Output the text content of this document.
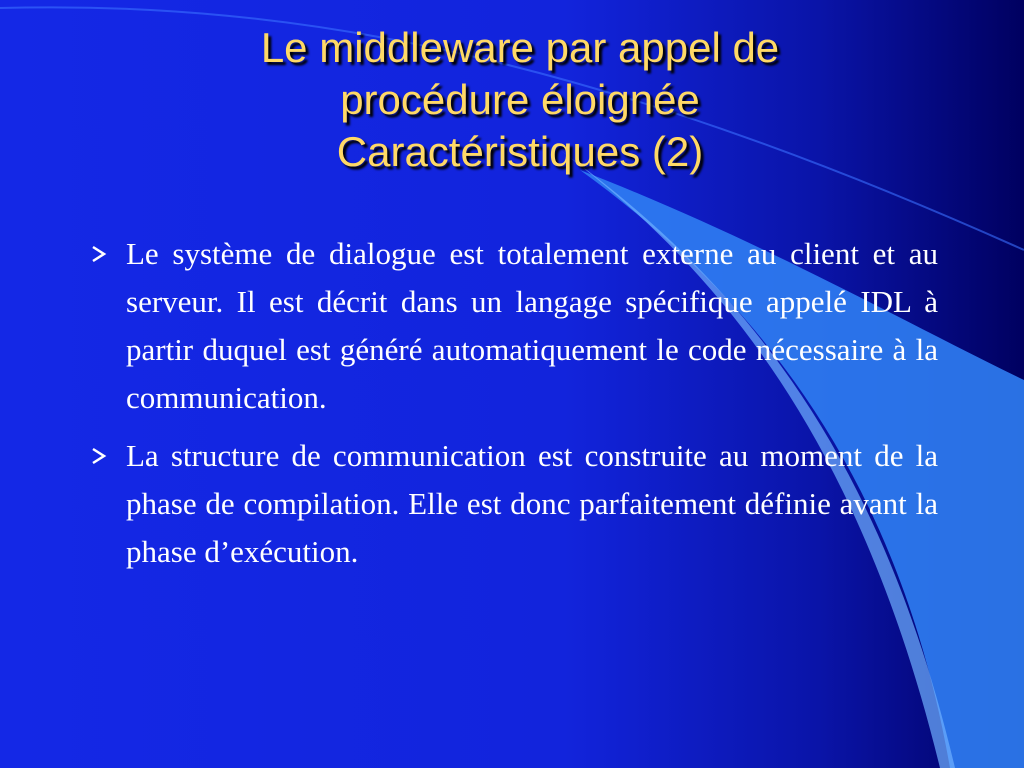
Le middleware par appel de
procédure éloignée
Caractéristiques (2)
Le système de dialogue est totalement externe au client et au serveur. Il est décrit dans un langage spécifique appelé IDL à partir duquel est généré automatiquement le code nécessaire à la communication.
La structure de communication est construite au moment de la phase de compilation. Elle est donc parfaitement définie avant la phase d’exécution.
